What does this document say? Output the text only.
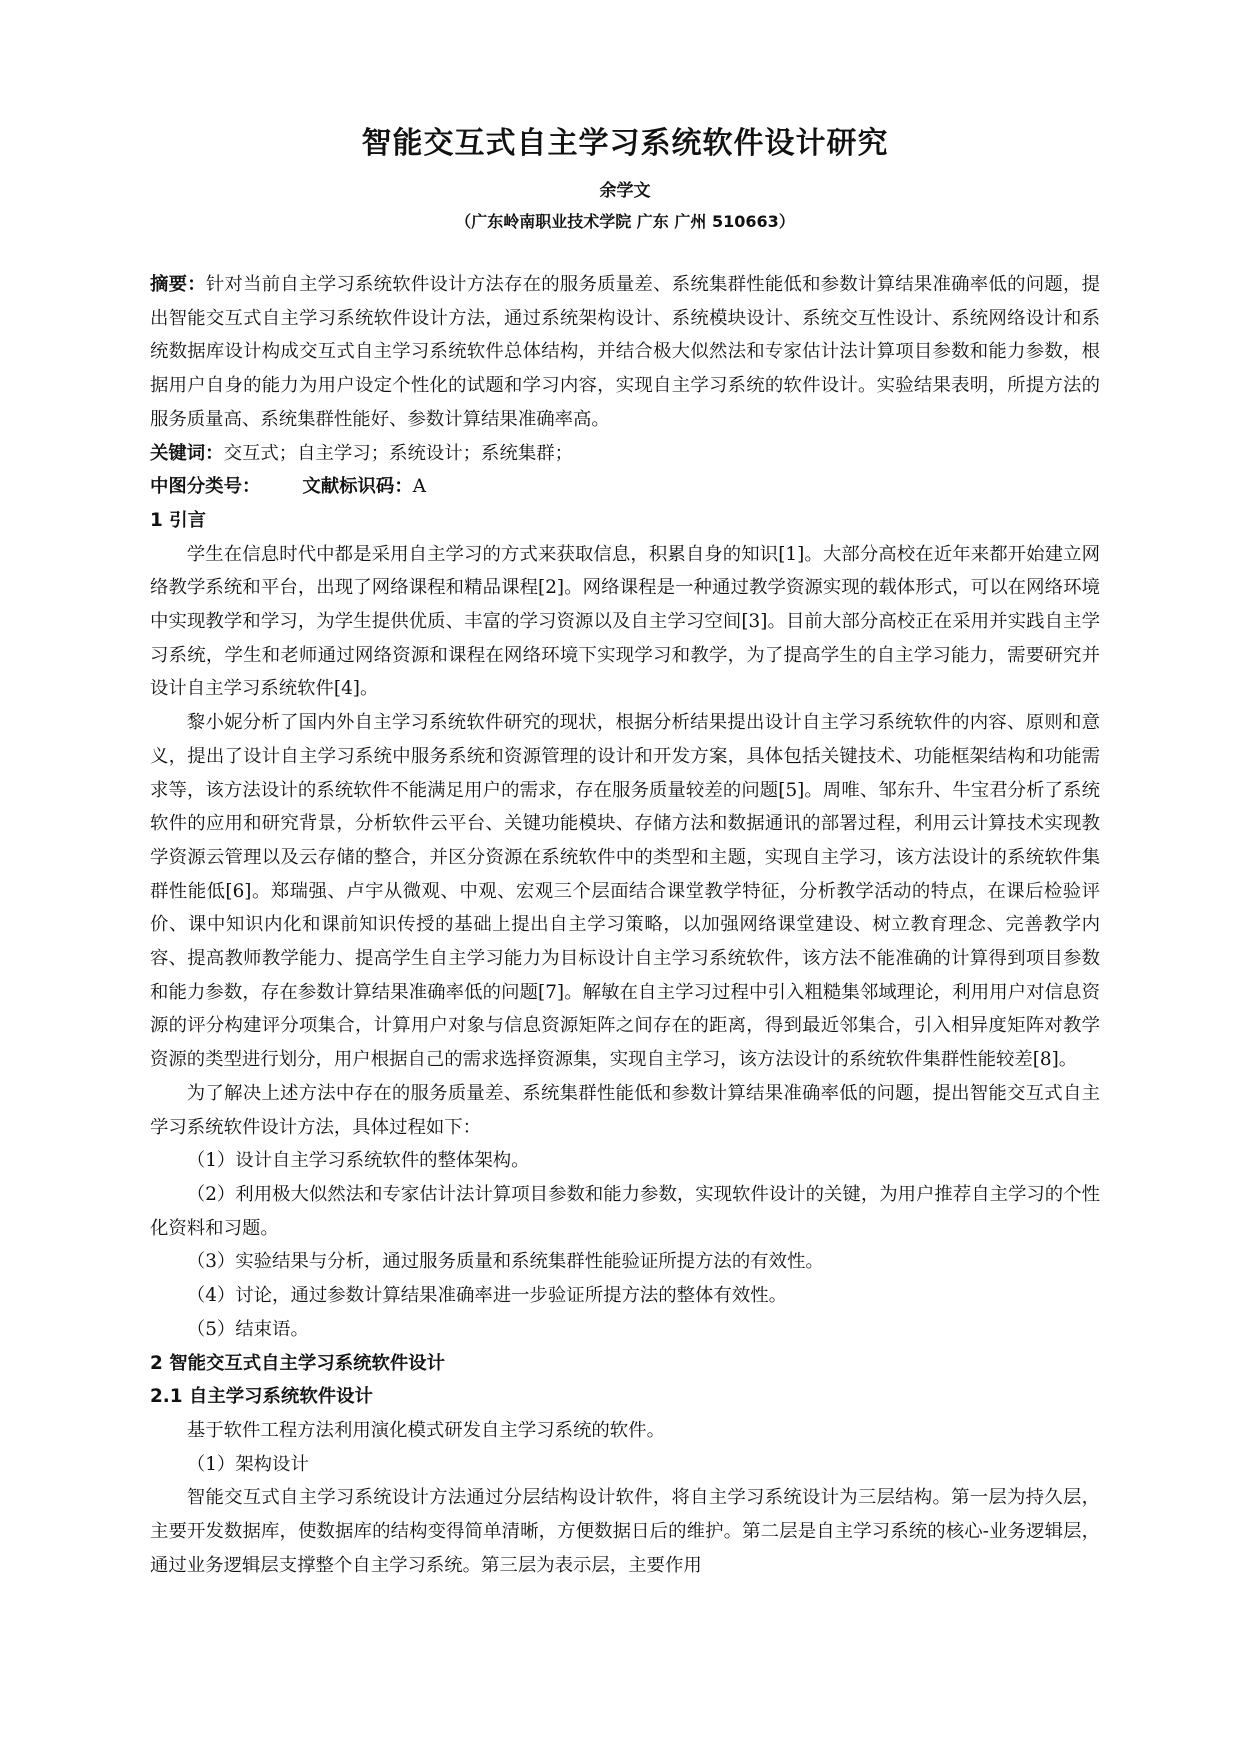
智能交互式自主学习系统软件设计研究
余学文
（广东岭南职业技术学院 广东 广州 510663）

摘要：针对当前自主学习系统软件设计方法存在的服务质量差、系统集群性能低和参数计算结果准确率低的问题，提出智能交互式自主学习系统软件设计方法，通过系统架构设计、系统模块设计、系统交互性设计、系统网络设计和系统数据库设计构成交互式自主学习系统软件总体结构，并结合极大似然法和专家估计法计算项目参数和能力参数，根据用户自身的能力为用户设定个性化的试题和学习内容，实现自主学习系统的软件设计。实验结果表明，所提方法的服务质量高、系统集群性能好、参数计算结果准确率高。

关键词：交互式；自主学习；系统设计；系统集群；

中图分类号： 文献标识码：A

1 引言

学生在信息时代中都是采用自主学习的方式来获取信息，积累自身的知识[1]。大部分高校在近年来都开始建立网络教学系统和平台，出现了网络课程和精品课程[2]。网络课程是一种通过教学资源实现的载体形式，可以在网络环境中实现教学和学习，为学生提供优质、丰富的学习资源以及自主学习空间[3]。目前大部分高校正在采用并实践自主学习系统，学生和老师通过网络资源和课程在网络环境下实现学习和教学，为了提高学生的自主学习能力，需要研究并设计自主学习系统软件[4]。

黎小妮分析了国内外自主学习系统软件研究的现状，根据分析结果提出设计自主学习系统软件的内容、原则和意义，提出了设计自主学习系统中服务系统和资源管理的设计和开发方案，具体包括关键技术、功能框架结构和功能需求等，该方法设计的系统软件不能满足用户的需求，存在服务质量较差的问题[5]。周唯、邹东升、牛宝君分析了系统软件的应用和研究背景，分析软件云平台、关键功能模块、存储方法和数据通讯的部署过程，利用云计算技术实现教学资源云管理以及云存储的整合，并区分资源在系统软件中的类型和主题，实现自主学习，该方法设计的系统软件集群性能低[6]。郑瑞强、卢宇从微观、中观、宏观三个层面结合课堂教学特征，分析教学活动的特点，在课后检验评价、课中知识内化和课前知识传授的基础上提出自主学习策略，以加强网络课堂建设、树立教育理念、完善教学内容、提高教师教学能力、提高学生自主学习能力为目标设计自主学习系统软件，该方法不能准确的计算得到项目参数和能力参数，存在参数计算结果准确率低的问题[7]。解敏在自主学习过程中引入粗糙集邻域理论，利用用户对信息资源的评分构建评分项集合，计算用户对象与信息资源矩阵之间存在的距离，得到最近邻集合，引入相异度矩阵对教学资源的类型进行划分，用户根据自己的需求选择资源集，实现自主学习，该方法设计的系统软件集群性能较差[8]。

为了解决上述方法中存在的服务质量差、系统集群性能低和参数计算结果准确率低的问题，提出智能交互式自主学习系统软件设计方法，具体过程如下：

（1）设计自主学习系统软件的整体架构。

（2）利用极大似然法和专家估计法计算项目参数和能力参数，实现软件设计的关键，为用户推荐自主学习的个性化资料和习题。

（3）实验结果与分析，通过服务质量和系统集群性能验证所提方法的有效性。

（4）讨论，通过参数计算结果准确率进一步验证所提方法的整体有效性。

（5）结束语。

2 智能交互式自主学习系统软件设计
2.1 自主学习系统软件设计

基于软件工程方法利用演化模式研发自主学习系统的软件。

（1）架构设计

智能交互式自主学习系统设计方法通过分层结构设计软件，将自主学习系统设计为三层结构。第一层为持久层，主要开发数据库，使数据库的结构变得简单清晰，方便数据日后的维护。第二层是自主学习系统的核心-业务逻辑层，通过业务逻辑层支撑整个自主学习系统。第三层为表示层，主要作用
